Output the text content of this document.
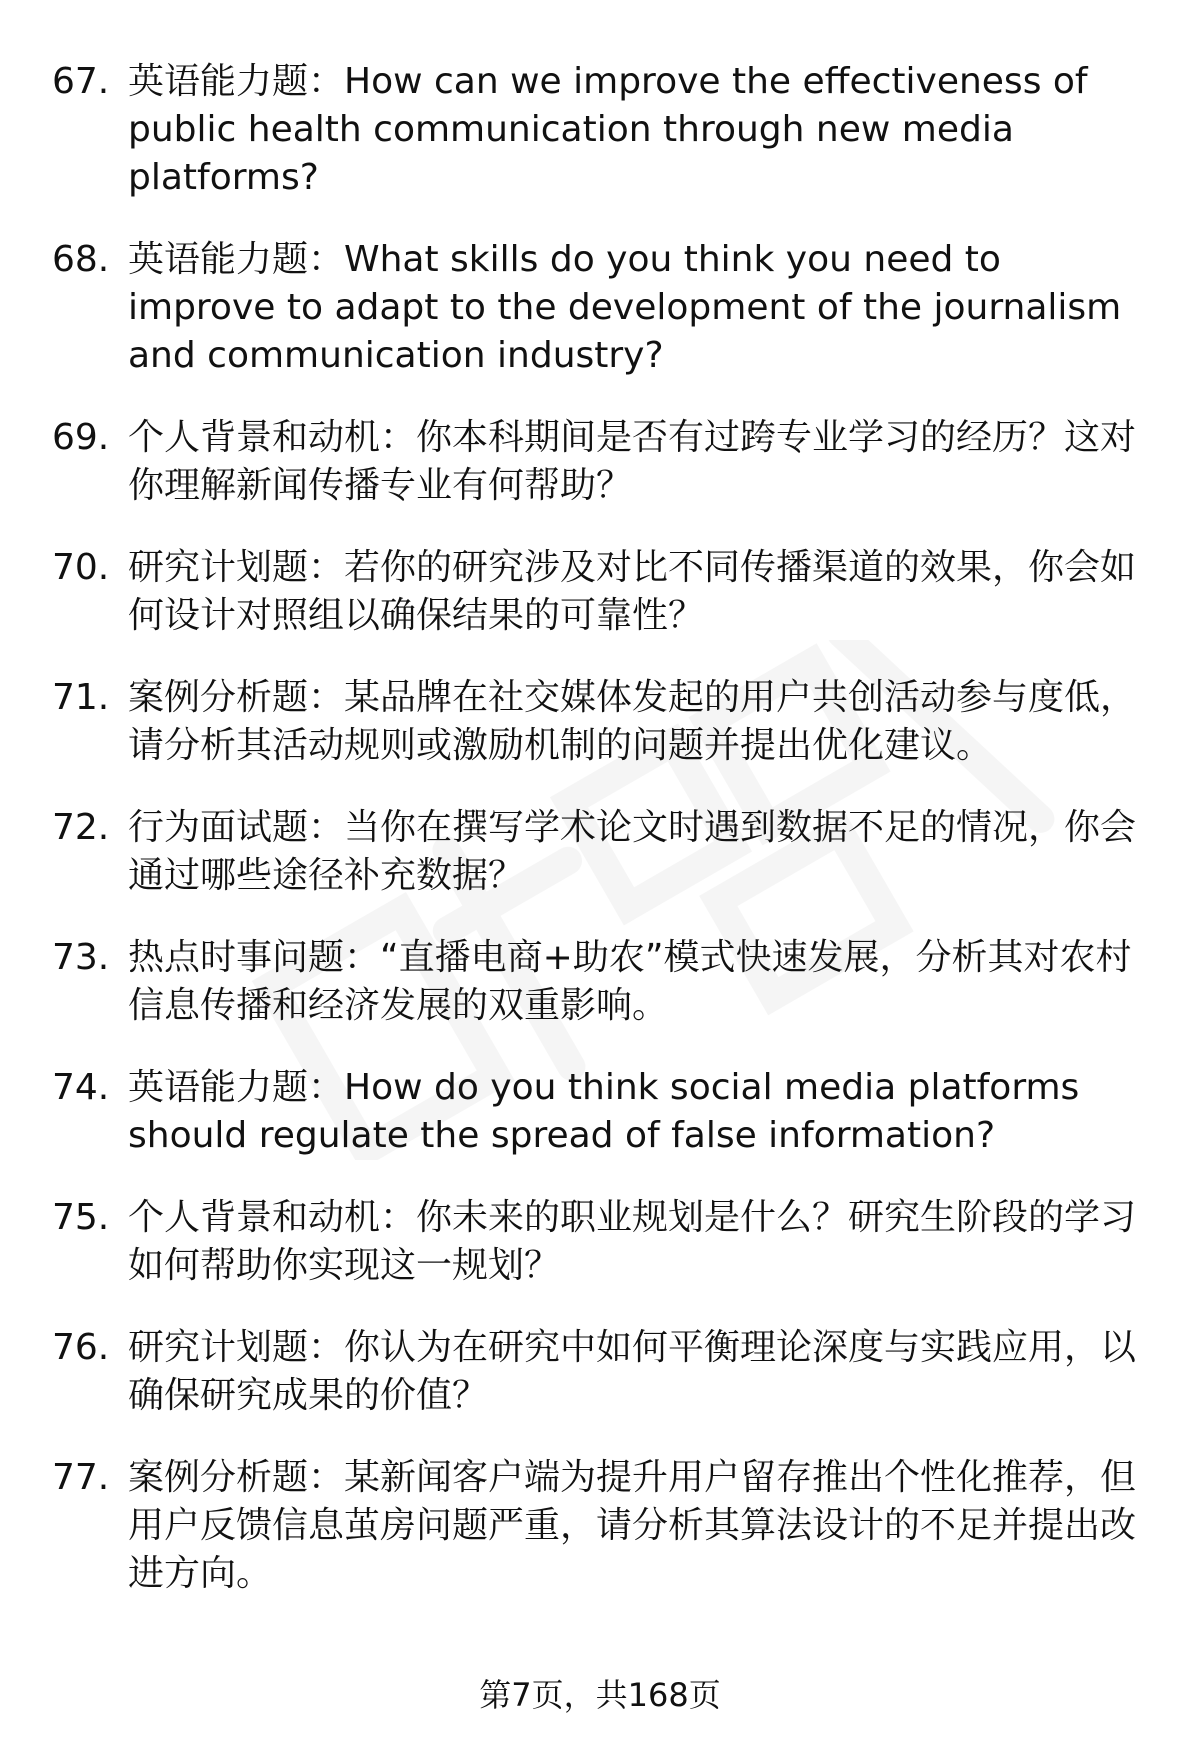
67. 英语能力题：How can we improve the effectiveness of public health communication through new media platforms?
68. 英语能力题：What skills do you think you need to improve to adapt to the development of the journalism and communication industry?
69. 个人背景和动机：你本科期间是否有过跨专业学习的经历？这对你理解新闻传播专业有何帮助？
70. 研究计划题：若你的研究涉及对比不同传播渠道的效果，你会如何设计对照组以确保结果的可靠性？
71. 案例分析题：某品牌在社交媒体发起的用户共创活动参与度低，请分析其活动规则或激励机制的问题并提出优化建议。
72. 行为面试题：当你在撰写学术论文时遇到数据不足的情况，你会通过哪些途径补充数据？
73. 热点时事问题：“直播电商+助农”模式快速发展，分析其对农村信息传播和经济发展的双重影响。
74. 英语能力题：How do you think social media platforms should regulate the spread of false information?
75. 个人背景和动机：你未来的职业规划是什么？研究生阶段的学习如何帮助你实现这一规划？
76. 研究计划题：你认为在研究中如何平衡理论深度与实践应用，以确保研究成果的价值？
77. 案例分析题：某新闻客户端为提升用户留存推出个性化推荐，但用户反馈信息茧房问题严重，请分析其算法设计的不足并提出改进方向。
第7页，共168页
